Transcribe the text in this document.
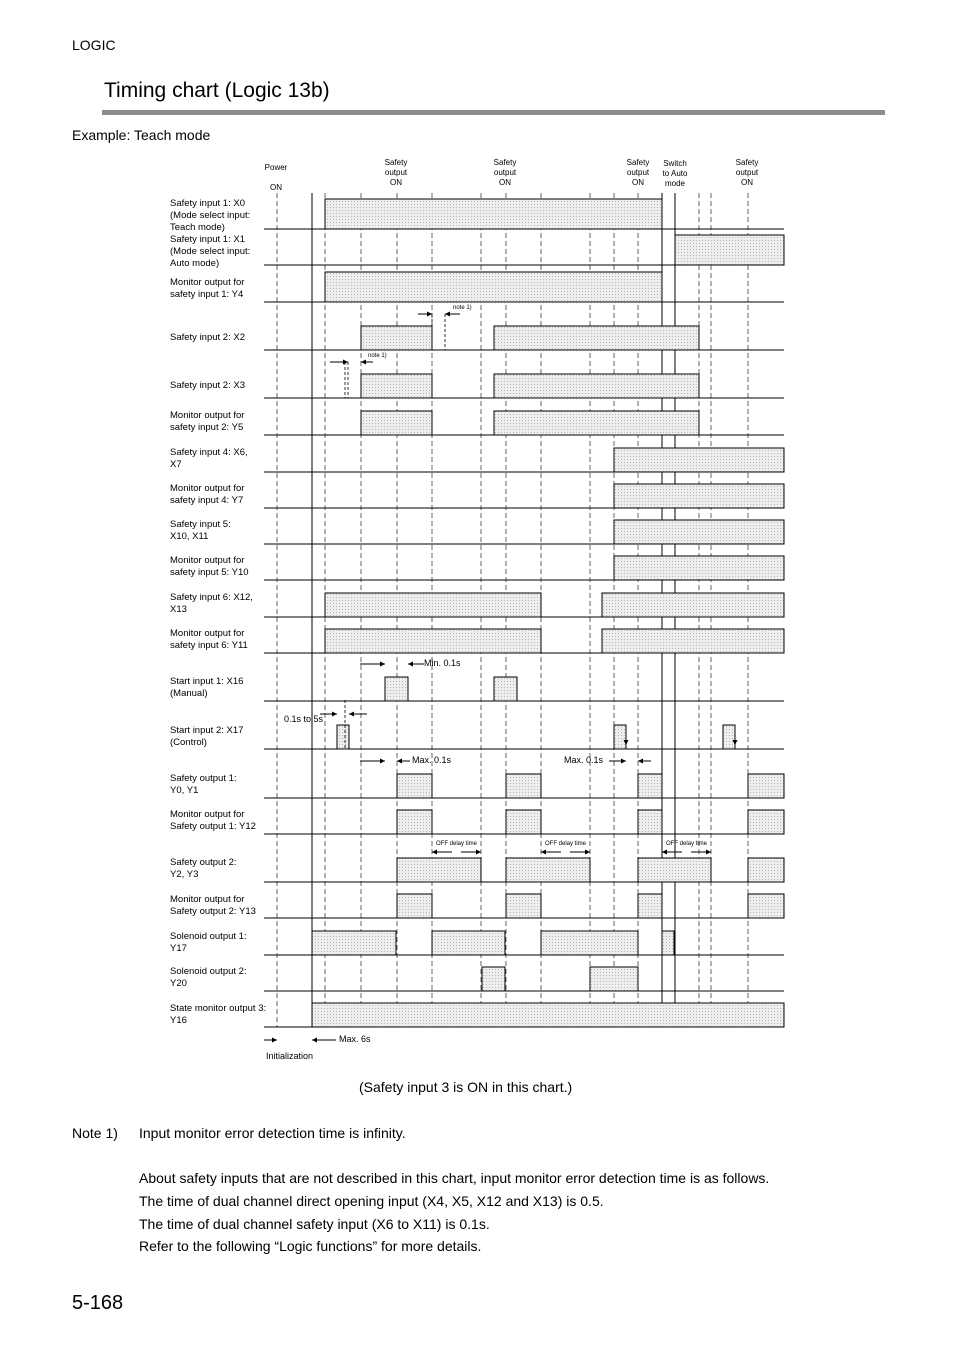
LOGIC
Timing chart (Logic 13b)
Example: Teach mode
Power

ON
Safety
output
ON
Safety
output
ON
Safety
output
ON
Switch
to Auto
mode
Safety
output
ON
Safety input 1: X0
(Mode select input:
Teach mode)
Safety input 1: X1
(Mode select input:
Auto mode)
Monitor output for
safety input 1: Y4
Safety input 2: X2
Safety input 2: X3
Monitor output for
safety input 2: Y5
Safety input 4: X6,
X7
Monitor output for
safety input 4: Y7
Safety input 5:
X10, X11
Monitor output for
safety input 5: Y10
Safety input 6: X12,
X13
Monitor output for
safety input 6: Y11
Start input 1: X16
(Manual)
Start input 2: X17
(Control)
Safety output 1:
Y0, Y1
Monitor output for
Safety output 1: Y12
Safety output 2:
Y2, Y3
Monitor output for
Safety output 2: Y13
Solenoid output 1:
Y17
Solenoid output 2:
Y20
State monitor output 3:
Y16
note 1)
note 1)
Min. 0.1s
0.1s to 5s
Max. 0.1s	Max. 0.1s
OFF delay time	OFF delay time	OFF delay time
Max. 6s
Initialization
(Safety input 3 is ON in this chart.)
Note 1) Input monitor error detection time is infinity.
About safety inputs that are not described in this chart, input monitor error detection time is as follows.
The time of dual channel direct opening input (X4, X5, X12 and X13) is 0.5.
The time of dual channel safety input (X6 to X11) is 0.1s.
Refer to the following “Logic functions” for more details.
5-168
